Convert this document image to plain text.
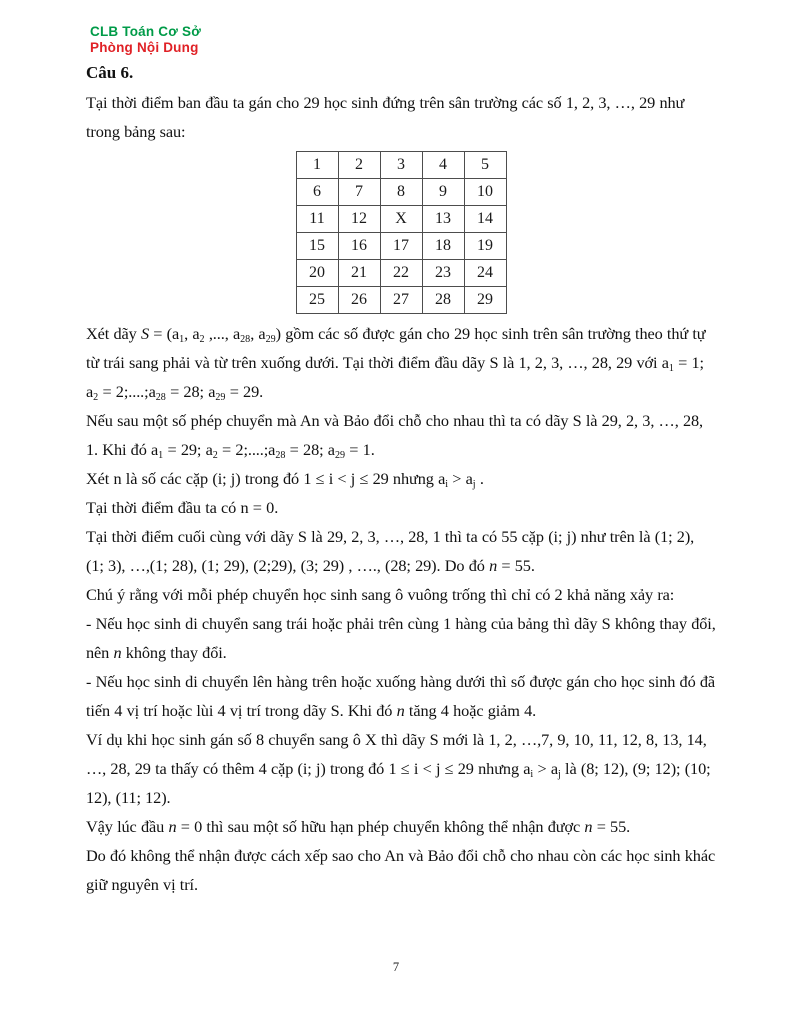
CLB Toán Cơ Sở
Phòng Nội Dung
Câu 6.

Tại thời điểm ban đầu ta gán cho 29 học sinh đứng trên sân trường các số 1, 2, 3, …, 29 như trong bảng sau:

1	2	3	4	5
6	7	8	9	10
11	12	X	13	14
15	16	17	18	19
20	21	22	23	24
25	26	27	28	29

Xét dãy $S = (a_1$, $a_2$ ,..., $a_{28}$, $a_{29}$) gồm các số được gán cho 29 học sinh trên sân trường theo thứ tự từ trái sang phải và từ trên xuống dưới. Tại thời điểm đầu dãy S là 1, 2, 3, …, 28, 29 với $a_1 = 1$; $a_2$ = $2;....;a_{28} = 28$; $a_{29} = 29$.

Nếu sau một số phép chuyển mà An và Bảo đổi chỗ cho nhau thì ta có dãy S là 29, 2, 3, …, 28, 1. Khi đó $a_1 = 29$; $a_2$ = $2;....;a_{28} = 28$; $a_{29} = 1$.

Xét n là số các cặp (i; j) trong đó 1 ≤ i < j ≤ 29 nhưng $a_i > a_j$ .

Tại thời điểm đầu ta có n = 0.

Tại thời điểm cuối cùng với dãy S là 29, 2, 3, …, 28, 1 thì ta có 55 cặp (i; j) như trên là (1; 2), (1; 3), …,(1; 28), (1; 29), (2;29), (3; 29) , …., (28; 29). Do đó n = 55.

Chú ý rằng với mỗi phép chuyển học sinh sang ô vuông trống thì chỉ có 2 khả năng xảy ra:

- Nếu học sinh di chuyển sang trái hoặc phải trên cùng 1 hàng của bảng thì dãy S không thay đổi, nên n không thay đổi.

- Nếu học sinh di chuyển lên hàng trên hoặc xuống hàng dưới thì số được gán cho học sinh đó đã tiến 4 vị trí hoặc lùi 4 vị trí trong dãy S. Khi đó n tăng 4 hoặc giảm 4.

Ví dụ khi học sinh gán số 8 chuyển sang ô X thì dãy S mới là 1, 2, …,7, 9, 10, 11, 12, 8, 13, 14, …, 28, 29 ta thấy có thêm 4 cặp (i; j) trong đó 1 ≤ i < j ≤ 29 nhưng $a_i > a_j$ là (8; 12), (9; 12); (10; 12), (11; 12).

Vậy lúc đầu n = 0 thì sau một số hữu hạn phép chuyển không thể nhận được n = 55.

Do đó không thể nhận được cách xếp sao cho An và Bảo đổi chỗ cho nhau còn các học sinh khác giữ nguyên vị trí.

7
